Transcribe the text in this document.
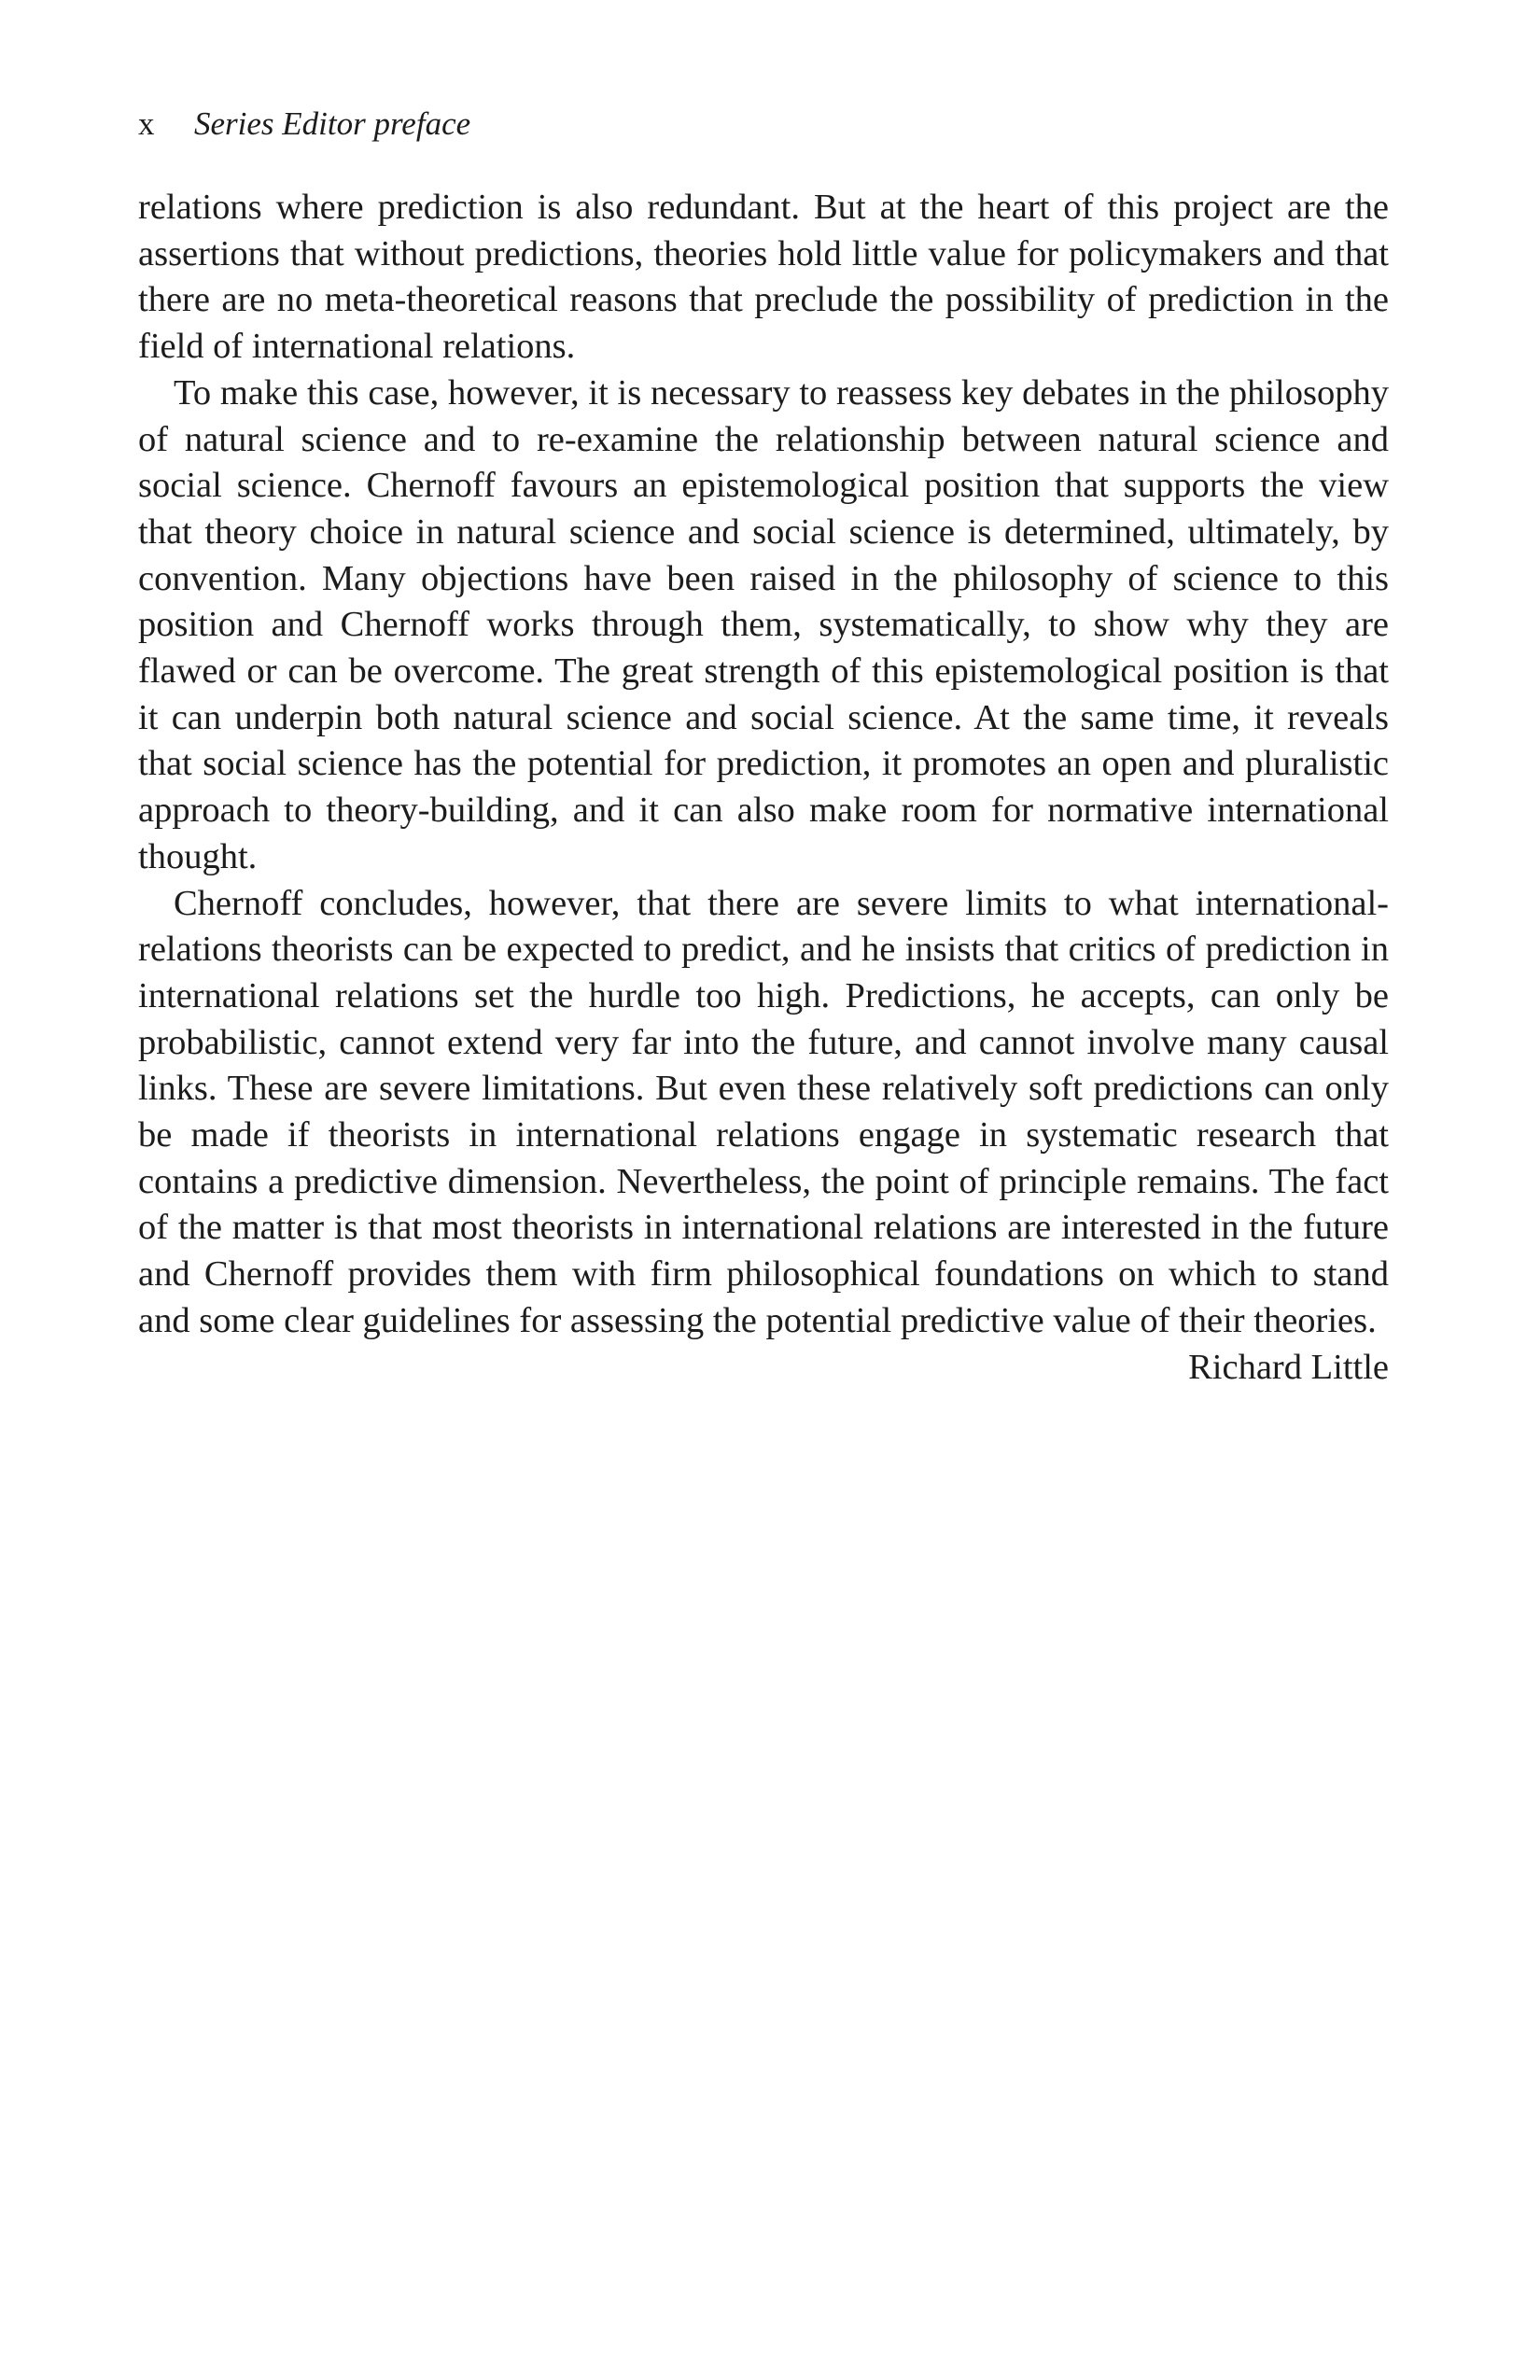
x	Series Editor preface

relations where prediction is also redundant. But at the heart of this project are the assertions that without predictions, theories hold little value for policymakers and that there are no meta-theoretical reasons that preclude the possibility of prediction in the field of international relations.

To make this case, however, it is necessary to reassess key debates in the philosophy of natural science and to re-examine the relationship between natural science and social science. Chernoff favours an epistemological position that supports the view that theory choice in natural science and social science is determined, ultimately, by convention. Many objections have been raised in the philosophy of science to this position and Chernoff works through them, systematically, to show why they are flawed or can be overcome. The great strength of this epistemological position is that it can underpin both natural science and social science. At the same time, it reveals that social science has the potential for prediction, it promotes an open and pluralistic approach to theory-building, and it can also make room for normative international thought.

Chernoff concludes, however, that there are severe limits to what international-relations theorists can be expected to predict, and he insists that critics of prediction in international relations set the hurdle too high. Predictions, he accepts, can only be probabilistic, cannot extend very far into the future, and cannot involve many causal links. These are severe limitations. But even these relatively soft predictions can only be made if theorists in international relations engage in systematic research that contains a predictive dimension. Nevertheless, the point of principle remains. The fact of the matter is that most theorists in international relations are interested in the future and Chernoff provides them with firm philosophical foundations on which to stand and some clear guidelines for assessing the potential predictive value of their theories.

Richard Little
